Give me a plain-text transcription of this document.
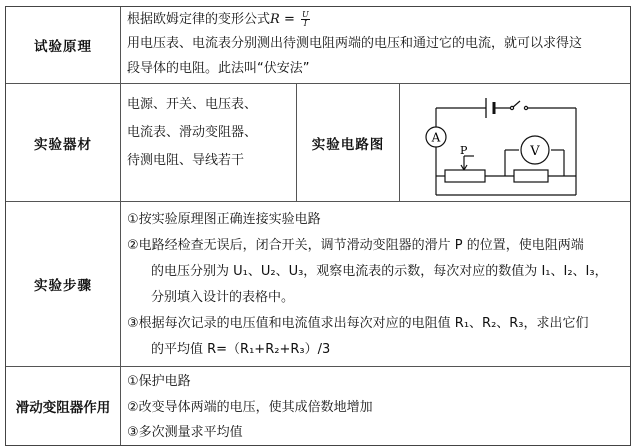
试验原理
根据欧姆定律的变形公式$R = \frac{U}{I}$
用电压表、电流表分别测出待测电阻两端的电压和通过它的电流，就可以求得这
段导体的电阻。此法叫“伏安法”
实验器材
电源、开关、电压表、
电流表、滑动变阻器、
待测电阻、导线若干
实验电路图	A
V
P
实验步骤
①按实验原理图正确连接实验电路
②电路经检查无误后，闭合开关，调节滑动变阻器的滑片 P 的位置，使电阻两端
的电压分别为 U₁、U₂、U₃，观察电流表的示数，每次对应的数值为 I₁、I₂、I₃，
分别填入设计的表格中。
③根据每次记录的电压值和电流值求出每次对应的电阻值 R₁、R₂、R₃，求出它们
的平均值 R=（R₁+R₂+R₃）/3
滑动变阻器作用
①保护电路
②改变导体两端的电压，使其成倍数地增加
③多次测量求平均值
